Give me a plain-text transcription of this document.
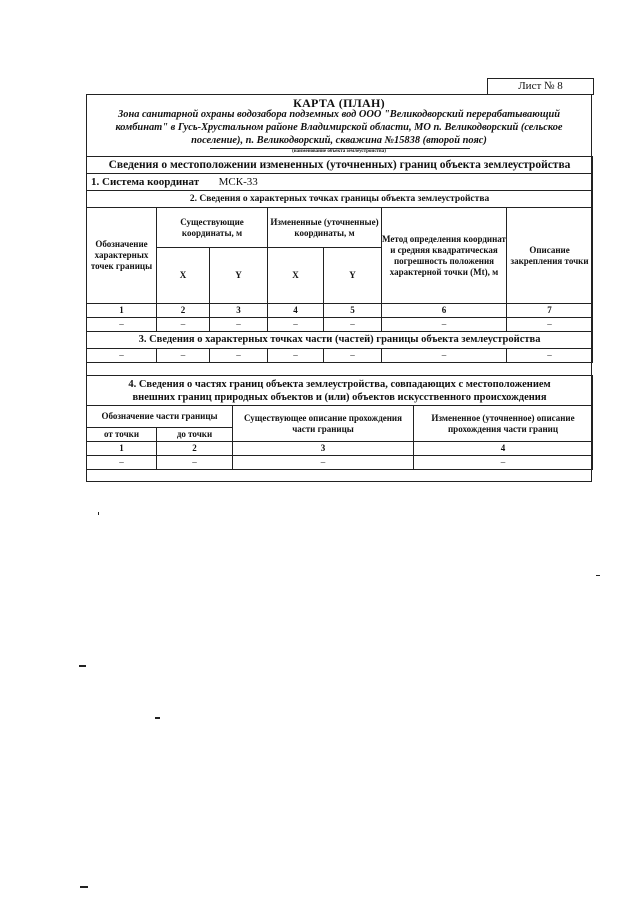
Лист № 8
КАРТА (ПЛАН)
Зона санитарной охраны водозабора подземных вод ООО "Великодворский перерабатывающий
комбинат" в Гусь-Хрустальном районе Владимирской области, МО п. Великодворский (сельское
поселение), п. Великодворский, скважина №15838 (второй пояс)
(наименование объекта землеустройства)
Сведения о местоположении измененных (уточненных) границ объекта землеустройства						
1. Система координат МСК-33						
2. Сведения о характерных точках границы объекта землеустройства						
Обозначение характерных точек границы	Существующие координаты, м		Измененные (уточненные) координаты, м		Метод определения координат и средняя квадратическая погрешность положения характерной точки (Mt), м	Описание закрепления точки
	X	Y	X	Y		
1	2	3	4	5	6	7
–	–	–	–	–	–	–
3. Сведения о характерных точках части (частей) границы объекта землеустройства						
–	–	–	–	–	–	–
4. Сведения о частях границ объекта землеустройства, совпадающих с местоположением
внешних границ природных объектов и (или) объектов искусственного происхождения			

Обозначение части границы		Существующее описание прохождения части границы	Измененное (уточненное) описание прохождения части границ
от точки	до точки		
1	2	3	4
–	–	–	–
